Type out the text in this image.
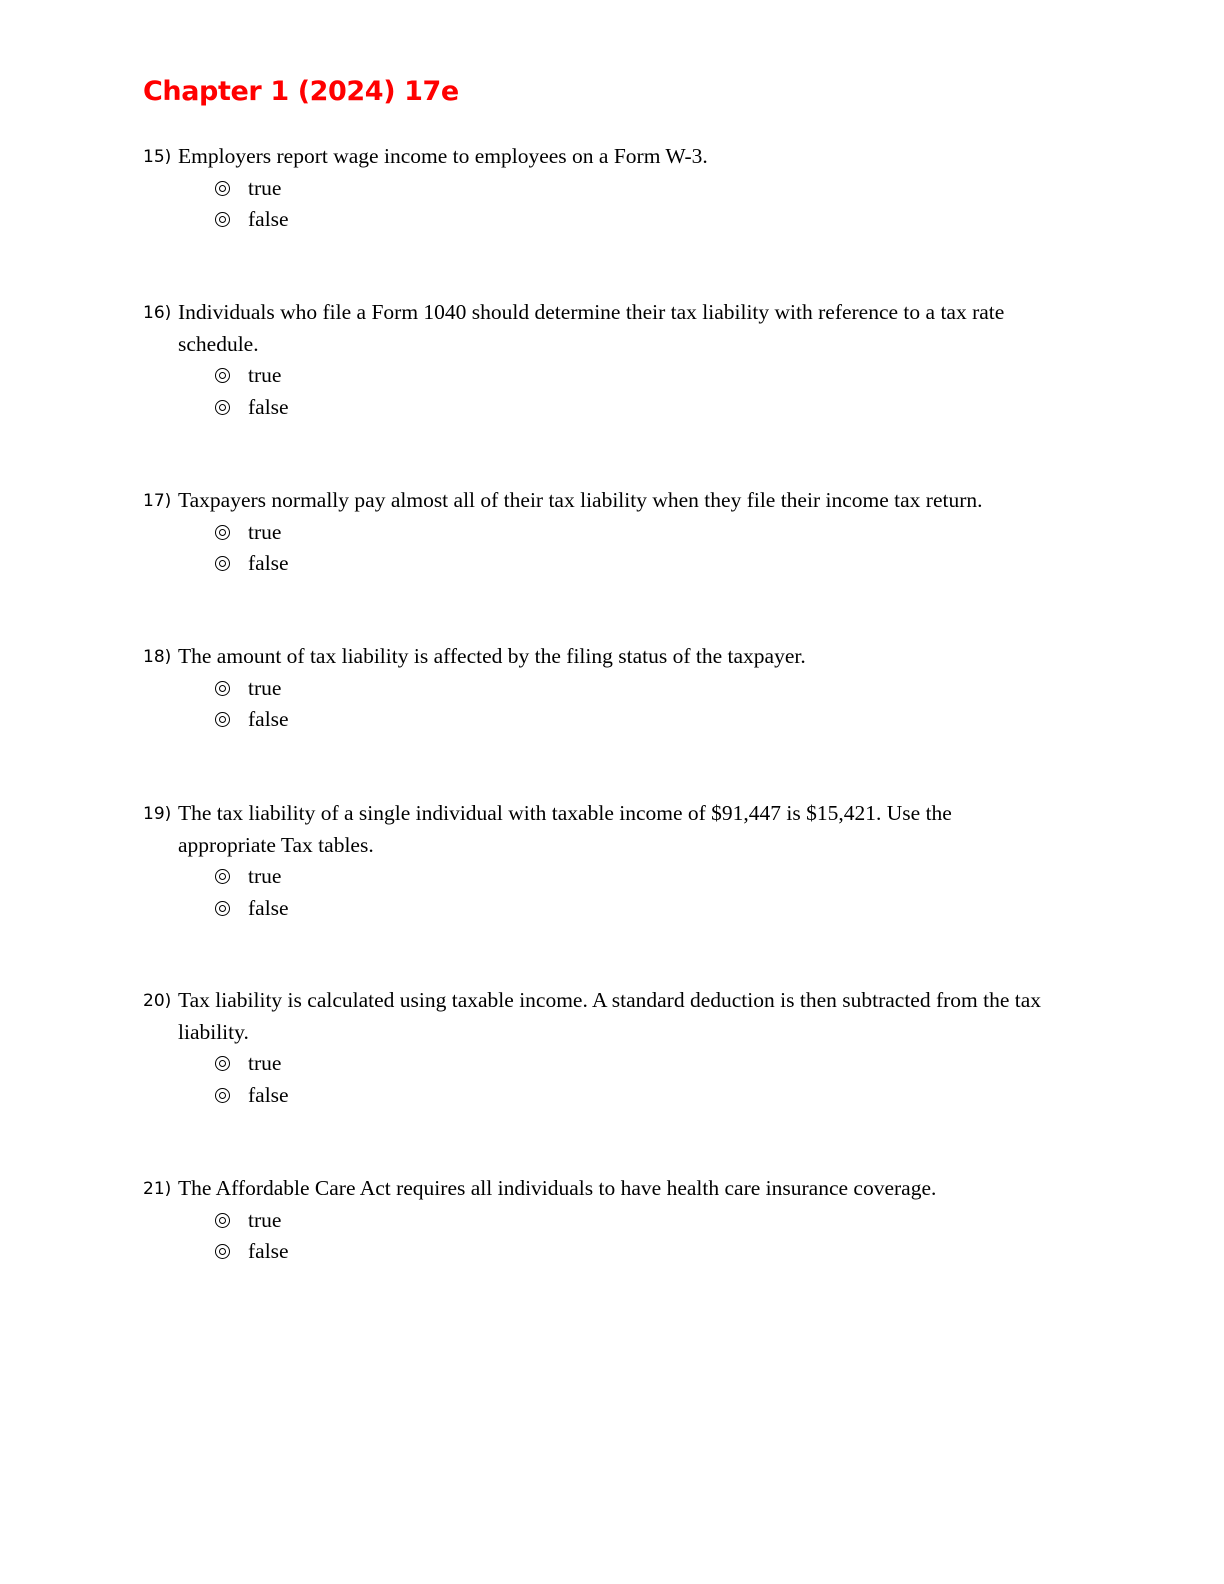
Chapter 1 (2024) 17e
15) Employers report wage income to employees on a Form W-3.
true
false
16) Individuals who file a Form 1040 should determine their tax liability with reference to a tax rate schedule.
true
false
17) Taxpayers normally pay almost all of their tax liability when they file their income tax return.
true
false
18) The amount of tax liability is affected by the filing status of the taxpayer.
true
false
19) The tax liability of a single individual with taxable income of $91,447 is $15,421. Use the appropriate Tax tables.
true
false
20) Tax liability is calculated using taxable income. A standard deduction is then subtracted from the tax liability.
true
false
21) The Affordable Care Act requires all individuals to have health care insurance coverage.
true
false
